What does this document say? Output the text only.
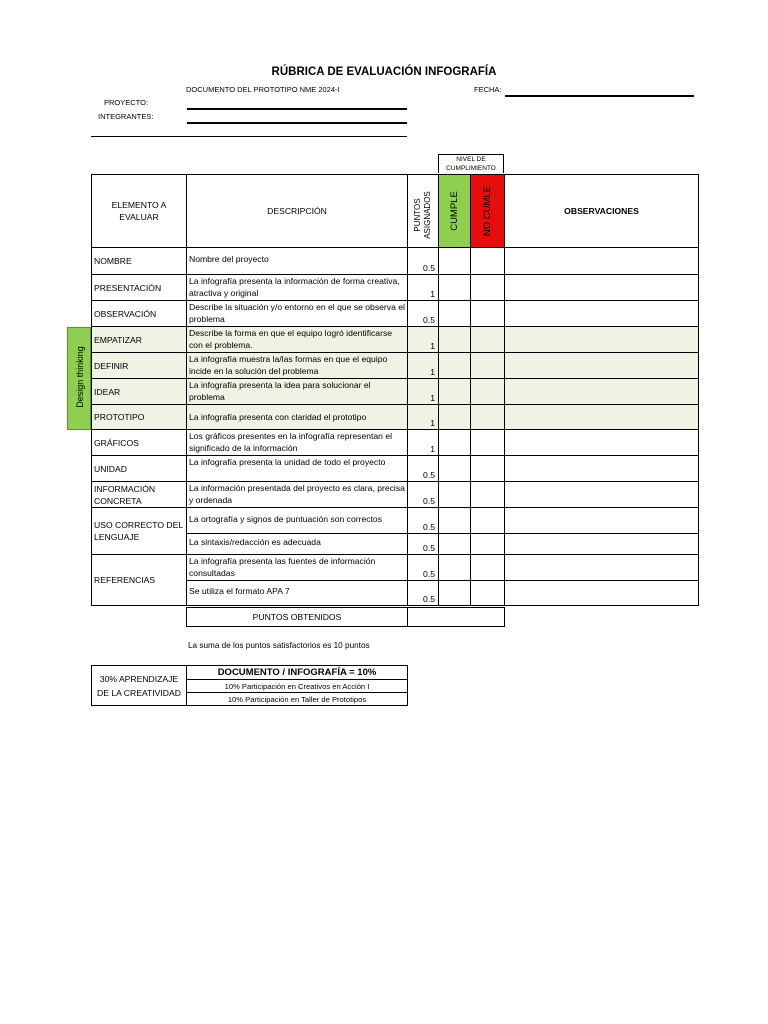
RÚBRICA DE EVALUACIÓN INFOGRAFÍA
DOCUMENTO DEL PROTOTIPO NME 2024-I	FECHA:
PROYECTO:
INTEGRANTES:
NIVEL DE CUMPLIMIENTO
Design thinking
ELEMENTO A EVALUAR	DESCRIPCIÓN	PUNTOS ASIGNADOS	CUMPLE	NO CUMLE	OBSERVACIONES
NOMBRE	Nombre del proyecto	0.5			
PRESENTACIÓN	La infografía presenta la información de forma creativa, atractiva y original	1			
OBSERVACIÓN	Describe la situación y/o entorno en el que se observa el problema	0.5			
EMPATIZAR	Describe la forma en que el equipo logró identificarse con el problema.	1			
DEFINIR	La infografía muestra la/las formas en que el equipo incide en la solución del problema	1			
IDEAR	La infografía presenta la idea para solucionar el problema	1			
PROTOTIPO	La infografía presenta con claridad el prototipo	1			
GRÁFICOS	Los gráficos presentes en la infografía representan el significado de la información	1			
UNIDAD	La infografía presenta la unidad de todo el proyecto	0.5			
INFORMACIÓN CONCRETA	La información presentada del proyecto es clara, precisa y ordenada	0.5			
USO CORRECTO DEL LENGUAJE	La ortografía y signos de puntuación son correctos	0.5			
	La sintaxis/redacción es adecuada	0.5			
REFERENCIAS	La infografía presenta las fuentes de información consultadas	0.5			
	Se utiliza el formato APA 7	0.5			
PUNTOS OBTENIDOS	
La suma de los puntos satisfactorios es 10 puntos
30% APRENDIZAJE DE LA CREATIVIDAD	DOCUMENTO / INFOGRAFÍA = 10%
10% Participación en Creativos en Acción I
10% Participación en Taller de Prototipos
